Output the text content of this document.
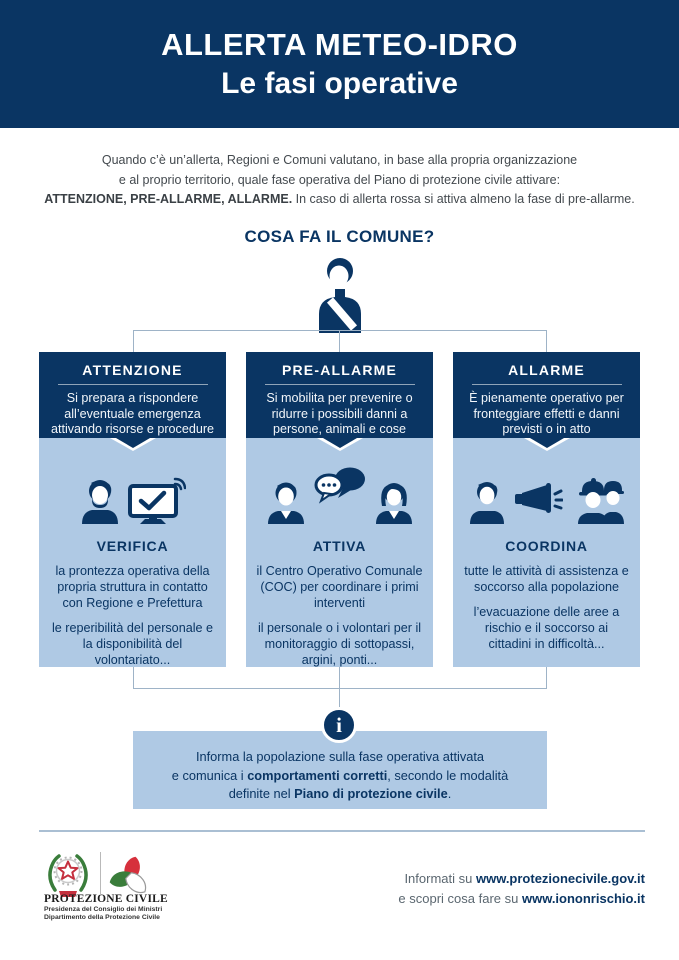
ALLERTA METEO-IDRO
Le fasi operative
Quando c’è un’allerta, Regioni e Comuni valutano, in base alla propria organizzazione
e al proprio territorio, quale fase operativa del Piano di protezione civile attivare:
ATTENZIONE, PRE-ALLARME, ALLARME. In caso di allerta rossa si attiva almeno la fase di pre-allarme.
COSA FA IL COMUNE?
ATTENZIONE

Si prepara a rispondere all’eventuale emergenza attivando risorse e procedure

VERIFICA

la prontezza operativa della propria struttura in contatto con Regione e Prefettura

le reperibilità del personale e la disponibilità del volontariato...

PRE-ALLARME

Si mobilita per prevenire o ridurre i possibili danni a persone, animali e cose

ATTIVA

il Centro Operativo Comunale (COC) per coordinare i primi interventi

il personale o i volontari per il monitoraggio di sottopassi, argini, ponti...

ALLARME

È pienamente operativo per fronteggiare effetti e danni previsti o in atto

COORDINA

tutte le attività di assistenza e soccorso alla popolazione

l’evacuazione delle aree a rischio e il soccorso ai cittadini in difficoltà...

i
Informa la popolazione sulla fase operativa attivata
e comunica i comportamenti corretti, secondo le modalità
definite nel Piano di protezione civile.
PROTEZIONE CIVILE
Presidenza del Consiglio dei Ministri
Dipartimento della Protezione Civile
Informati su www.protezionecivile.gov.it
e scopri cosa fare su www.iononrischio.it
